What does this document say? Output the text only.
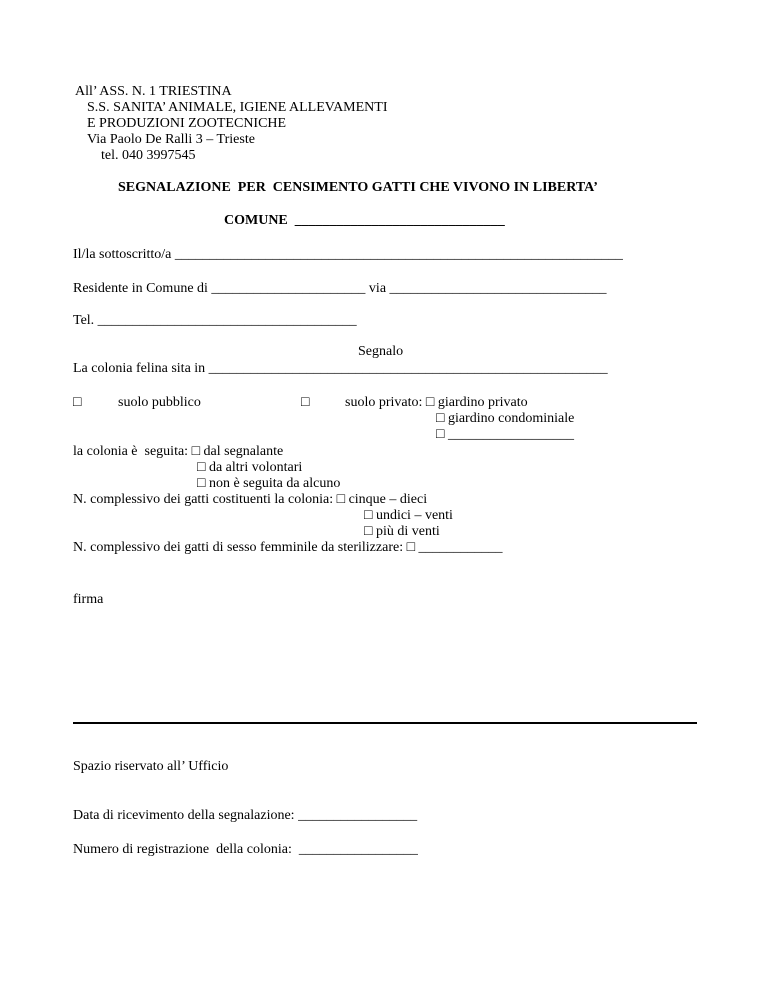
All’ ASS. N. 1 TRIESTINA
S.S. SANITA’ ANIMALE, IGIENE ALLEVAMENTI
E PRODUZIONI ZOOTECNICHE
Via Paolo De Ralli 3 – Trieste
tel. 040 3997545
SEGNALAZIONE  PER  CENSIMENTO GATTI CHE VIVONO IN LIBERTA’
COMUNE  ______________________________
Il/la sottoscritto/a ________________________________________________________________
Residente in Comune di ______________________ via _______________________________
Tel. _____________________________________
Segnalo
La colonia felina sita in _________________________________________________________
□	suolo pubblico	□	suolo privato: □ giardino privato
□ giardino condominiale
□ __________________
la colonia è  seguita: □ dal segnalante
□ da altri volontari
□ non è seguita da alcuno
N. complessivo dei gatti costituenti la colonia: □ cinque – dieci
□ undici – venti
□ più di venti
N. complessivo dei gatti di sesso femminile da sterilizzare: □ ____________
firma
Spazio riservato all’ Ufficio
Data di ricevimento della segnalazione: _________________
Numero di registrazione  della colonia:  _________________
